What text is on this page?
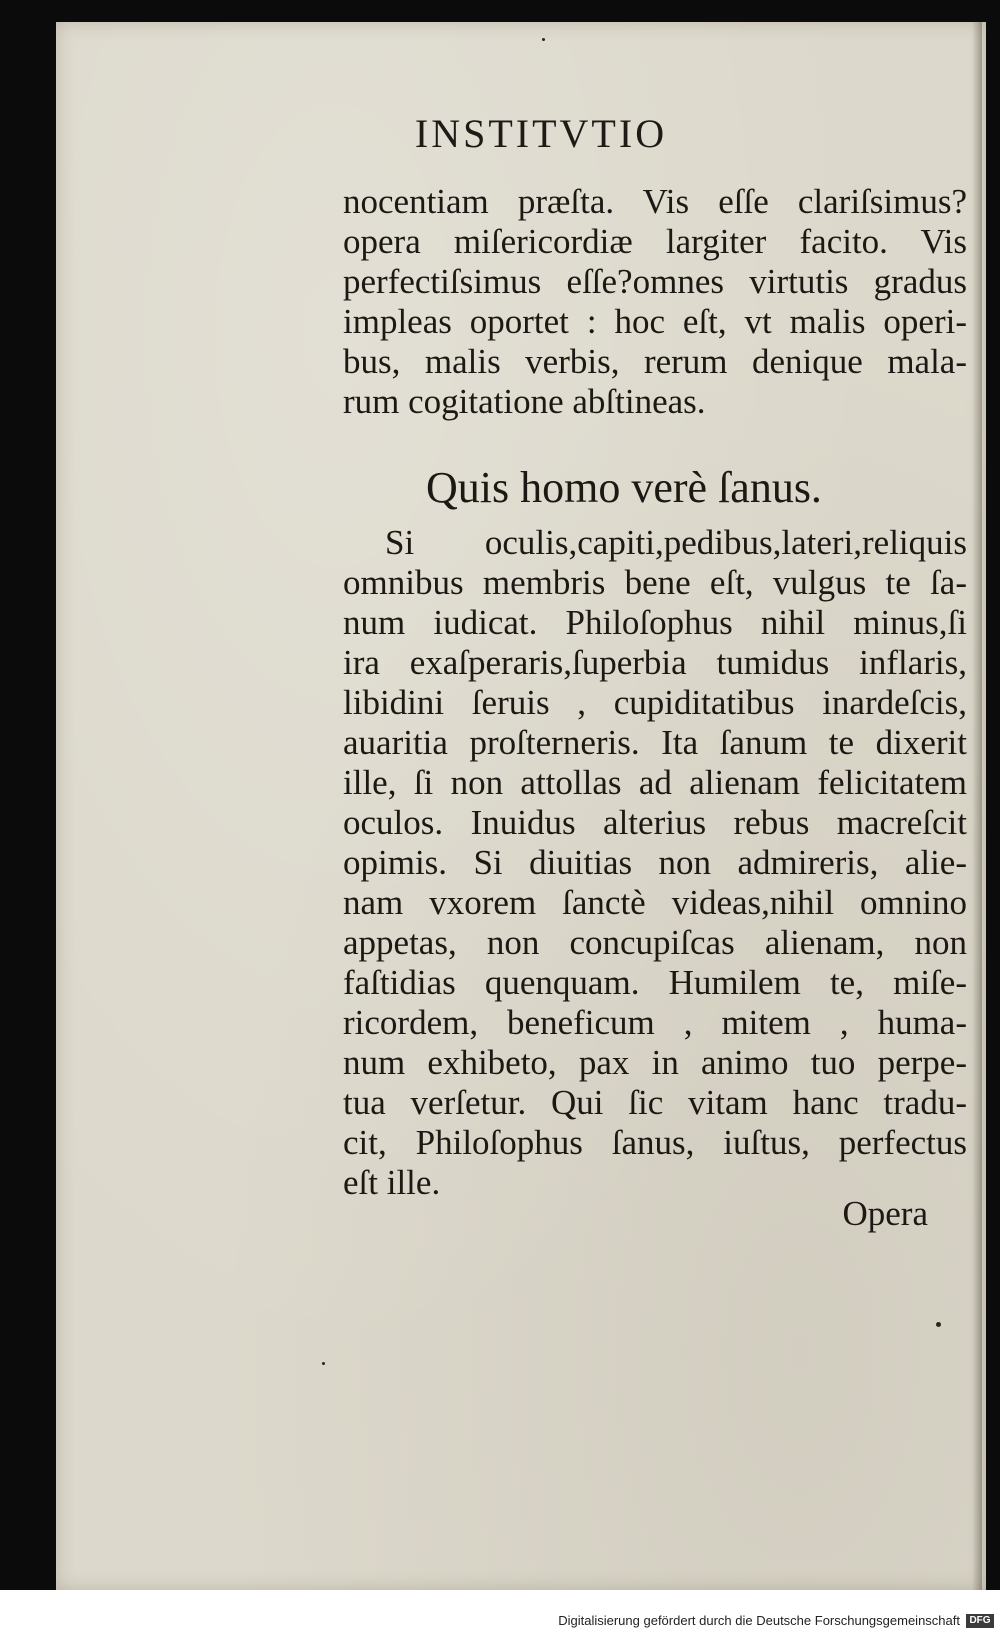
INSTITVTIO
nocentiam præſta. Vis eſſe clariſsimus?
opera miſericordiæ largiter facito. Vis
perfectiſsimus eſſe?omnes virtutis gradus
impleas oportet : hoc eſt, vt malis operi-
bus, malis verbis, rerum denique mala-
rum cogitatione abſtineas.
Quis homo verè ſanus.
Si oculis,capiti,pedibus,lateri,reliquis
omnibus membris bene eſt, vulgus te ſa-
num iudicat. Philoſophus nihil minus,ſi
ira exaſperaris,ſuperbia tumidus inflaris,
libidini ſeruis , cupiditatibus inardeſcis,
auaritia proſterneris. Ita ſanum te dixerit
ille, ſi non attollas ad alienam felicitatem
oculos. Inuidus alterius rebus macreſcit
opimis. Si diuitias non admireris, alie-
nam vxorem ſanctè videas,nihil omnino
appetas, non concupiſcas alienam, non
faſtidias quenquam. Humilem te, miſe-
ricordem, beneficum , mitem , huma-
num exhibeto, pax in animo tuo perpe-
tua verſetur. Qui ſic vitam hanc tradu-
cit, Philoſophus ſanus, iuſtus, perfectus
eſt ille.
Opera
Digitalisierung gefördert durch die Deutsche Forschungsgemeinschaft DFG
